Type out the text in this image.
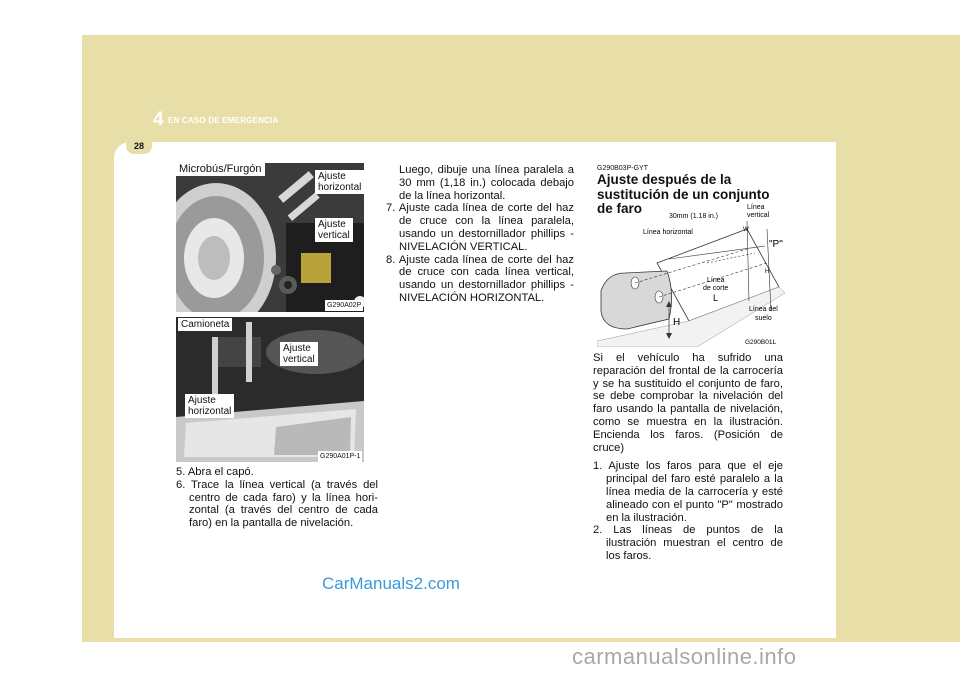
4 EN CASO DE EMERGENCIA
28
Microbús/Furgón
Ajuste
horizontal
Ajuste
vertical
G290A02P
Camioneta
Ajuste
vertical
Ajuste
horizontal
G290A01P-1

5. Abra el capó.

6. Trace la línea vertical (a través del centro de cada faro) y la línea hori-zontal (a través del centro de cada faro) en la pantalla de nivelación.

Luego, dibuje una línea paralela a 30 mm (1,18 in.) colocada debajo de la línea horizontal.

7. Ajuste cada línea de corte del haz de cruce con la línea paralela, usando un destornillador phillips - NIVELACIÓN VERTICAL.

8. Ajuste cada línea de corte del haz de cruce con cada línea vertical, usando un destornillador phillips - NIVELACIÓN HORIZONTAL.

G290B03P-GYT
Ajuste después de la sustitución de un conjunto de faro
30mm (1.18 in.)
Línea
vertical
Línea horizontal	W
"P"
H
Línea
de corte
L
H
Línea del
suelo
G290B01L

Si el vehículo ha sufrido una reparación del frontal de la carrocería y se ha sustituido el conjunto de faro, se debe comprobar la nivelación del faro usando la pantalla de nivelación, como se muestra en la ilustración. Encienda los faros. (Posición de cruce)

1. Ajuste los faros para que el eje principal del faro esté paralelo a la línea media de la carrocería y esté alineado con el punto "P" mostrado en la ilustración.

2. Las líneas de puntos de la ilustración muestran el centro de los faros.

CarManuals2.com
carmanualsonline.info
